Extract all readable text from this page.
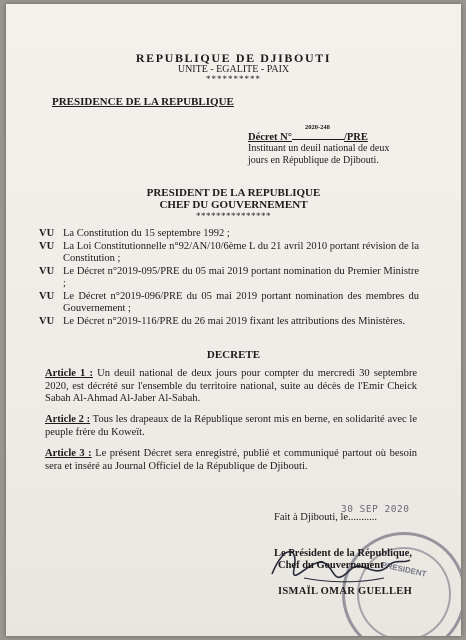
REPUBLIQUE DE DJIBOUTI
UNITE - EGALITE - PAIX
**********
PRESIDENCE DE LA REPUBLIQUE
2020-248
Décret N°	/PRE
Instituant un deuil national de deux
jours en République de Djibouti.
PRESIDENT DE LA REPUBLIQUE
CHEF DU GOUVERNEMENT
***************
VU La Constitution du 15 septembre 1992 ;
VU La Loi Constitutionnelle n°92/AN/10/6ème L du 21 avril 2010 portant révision de la Constitution ;
VU Le Décret n°2019-095/PRE du 05 mai 2019 portant nomination du Premier Ministre ;
VU Le Décret n°2019-096/PRE du 05 mai 2019 portant nomination des membres du Gouvernement ;
VU Le Décret n°2019-116/PRE du 26 mai 2019 fixant les attributions des Ministères.
DECRETE
Article 1 : Un deuil national de deux jours pour compter du mercredi 30 septembre 2020, est décrété sur l'ensemble du territoire national, suite au décès de l'Emir Cheick Sabah Al-Ahmad Al-Jaber Al-Sabah.
Article 2 : Tous les drapeaux de la République seront mis en berne, en solidarité avec le peuple frère du Koweït.
Article 3 : Le présent Décret sera enregistré, publié et communiqué partout où besoin sera et inséré au Journal Officiel de la République de Djibouti.
Fait à Djibouti, le...........
30 SEP 2020
PRESIDENT
Le Président de la République,
Chef du Gouvernement
ISMAÏL OMAR GUELLEH
